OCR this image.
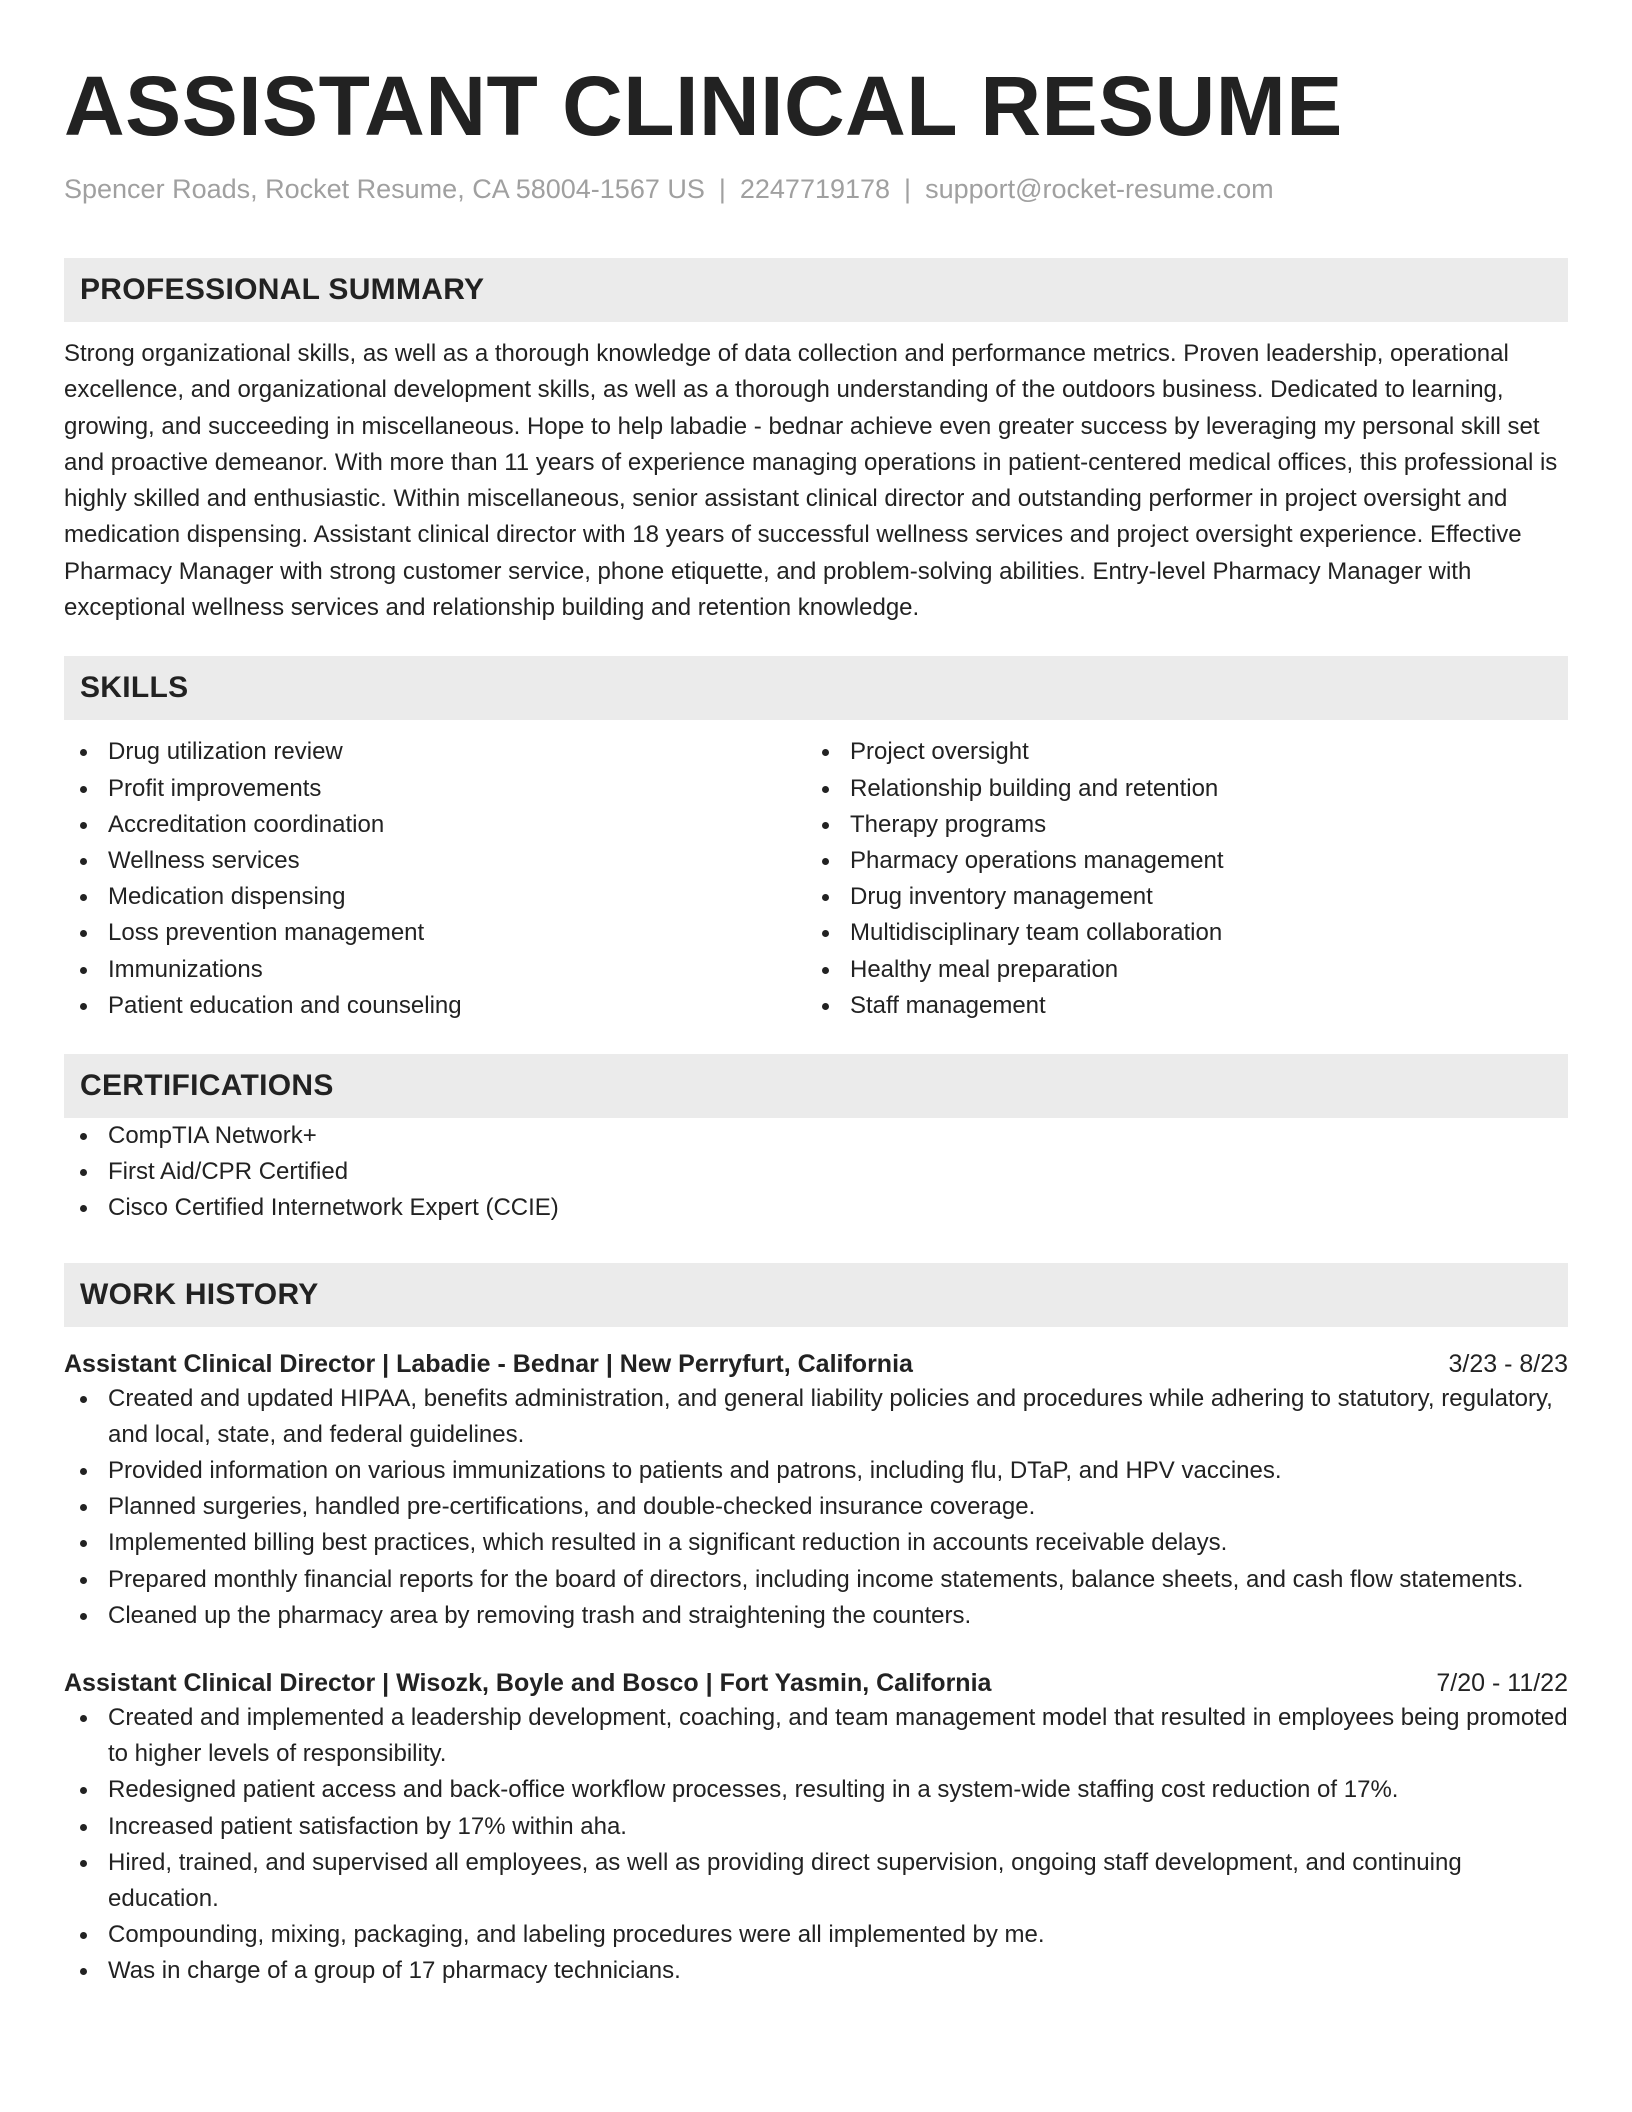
ASSISTANT CLINICAL RESUME
Spencer Roads, Rocket Resume, CA 58004-1567 US | 2247719178 | support@rocket-resume.com
PROFESSIONAL SUMMARY

Strong organizational skills, as well as a thorough knowledge of data collection and performance metrics. Proven leadership, operational excellence, and organizational development skills, as well as a thorough understanding of the outdoors business. Dedicated to learning, growing, and succeeding in miscellaneous. Hope to help labadie - bednar achieve even greater success by leveraging my personal skill set and proactive demeanor. With more than 11 years of experience managing operations in patient-centered medical offices, this professional is highly skilled and enthusiastic. Within miscellaneous, senior assistant clinical director and outstanding performer in project oversight and medication dispensing. Assistant clinical director with 18 years of successful wellness services and project oversight experience. Effective Pharmacy Manager with strong customer service, phone etiquette, and problem-solving abilities. Entry-level Pharmacy Manager with exceptional wellness services and relationship building and retention knowledge.

SKILLS
Drug utilization review
Profit improvements
Accreditation coordination
Wellness services
Medication dispensing
Loss prevention management
Immunizations
Patient education and counseling
Project oversight
Relationship building and retention
Therapy programs
Pharmacy operations management
Drug inventory management
Multidisciplinary team collaboration
Healthy meal preparation
Staff management
CERTIFICATIONS
CompTIA Network+
First Aid/CPR Certified
Cisco Certified Internetwork Expert (CCIE)
WORK HISTORY
Assistant Clinical Director | Labadie - Bednar | New Perryfurt, California	3/23 - 8/23
Created and updated HIPAA, benefits administration, and general liability policies and procedures while adhering to statutory, regulatory, and local, state, and federal guidelines.
Provided information on various immunizations to patients and patrons, including flu, DTaP, and HPV vaccines.
Planned surgeries, handled pre-certifications, and double-checked insurance coverage.
Implemented billing best practices, which resulted in a significant reduction in accounts receivable delays.
Prepared monthly financial reports for the board of directors, including income statements, balance sheets, and cash flow statements.
Cleaned up the pharmacy area by removing trash and straightening the counters.
Assistant Clinical Director | Wisozk, Boyle and Bosco | Fort Yasmin, California	7/20 - 11/22
Created and implemented a leadership development, coaching, and team management model that resulted in employees being promoted to higher levels of responsibility.
Redesigned patient access and back-office workflow processes, resulting in a system-wide staffing cost reduction of 17%.
Increased patient satisfaction by 17% within aha.
Hired, trained, and supervised all employees, as well as providing direct supervision, ongoing staff development, and continuing education.
Compounding, mixing, packaging, and labeling procedures were all implemented by me.
Was in charge of a group of 17 pharmacy technicians.
